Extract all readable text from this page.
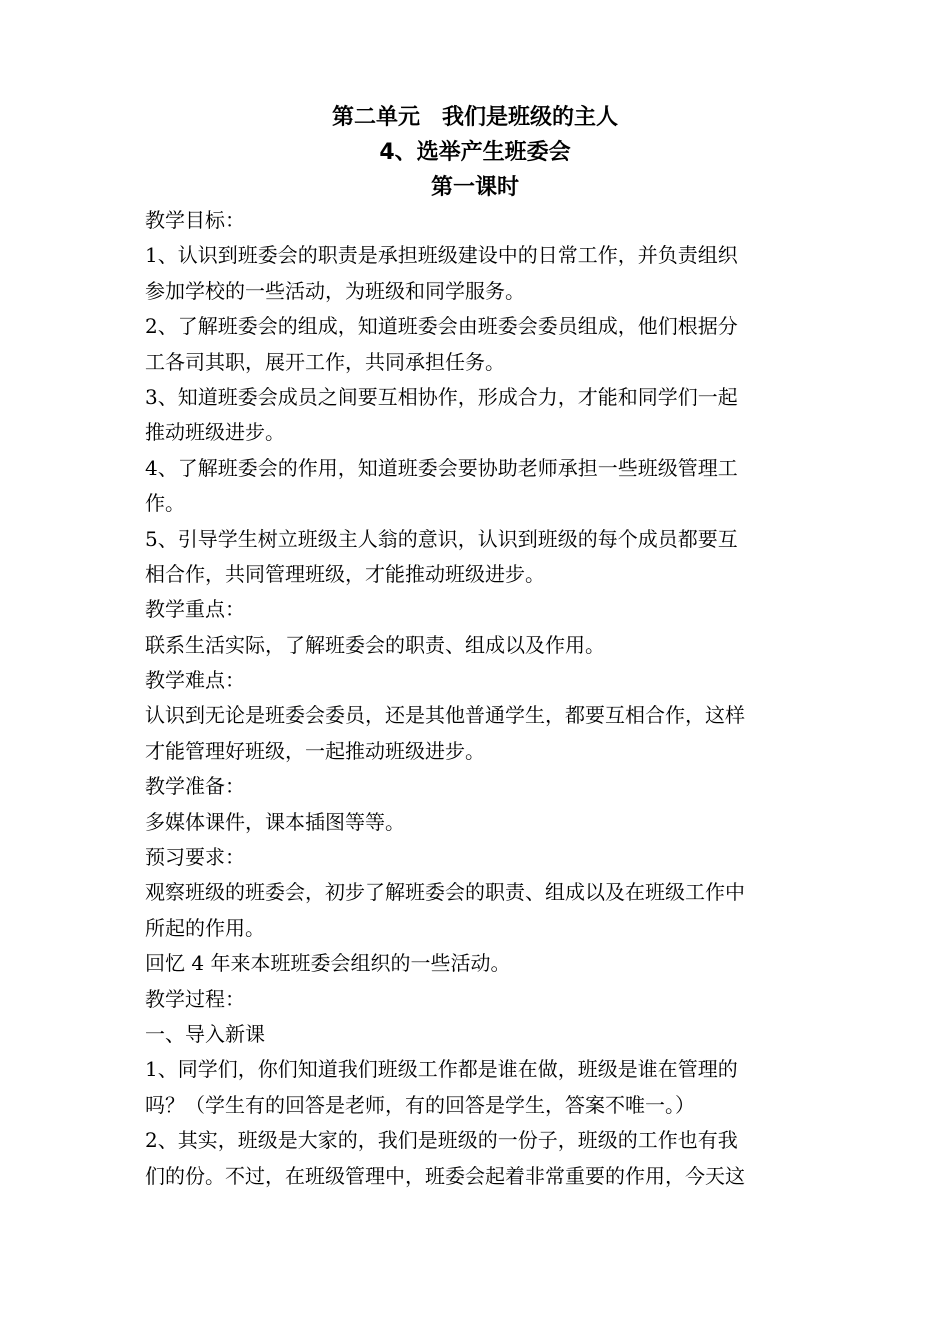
第二单元　我们是班级的主人
4、选举产生班委会
第一课时
教学目标：
1、认识到班委会的职责是承担班级建设中的日常工作，并负责组织
参加学校的一些活动，为班级和同学服务。
2、了解班委会的组成，知道班委会由班委会委员组成，他们根据分
工各司其职，展开工作，共同承担任务。
3、知道班委会成员之间要互相协作，形成合力，才能和同学们一起
推动班级进步。
4、了解班委会的作用，知道班委会要协助老师承担一些班级管理工
作。
5、引导学生树立班级主人翁的意识，认识到班级的每个成员都要互
相合作，共同管理班级，才能推动班级进步。
教学重点：
联系生活实际，了解班委会的职责、组成以及作用。
教学难点：
认识到无论是班委会委员，还是其他普通学生，都要互相合作，这样
才能管理好班级，一起推动班级进步。
教学准备：
多媒体课件，课本插图等等。
预习要求：
观察班级的班委会，初步了解班委会的职责、组成以及在班级工作中
所起的作用。
回忆 4 年来本班班委会组织的一些活动。
教学过程：
一、导入新课
1、同学们，你们知道我们班级工作都是谁在做，班级是谁在管理的
吗？（学生有的回答是老师，有的回答是学生，答案不唯一。）
2、其实，班级是大家的，我们是班级的一份子，班级的工作也有我
们的份。不过，在班级管理中，班委会起着非常重要的作用，今天这
